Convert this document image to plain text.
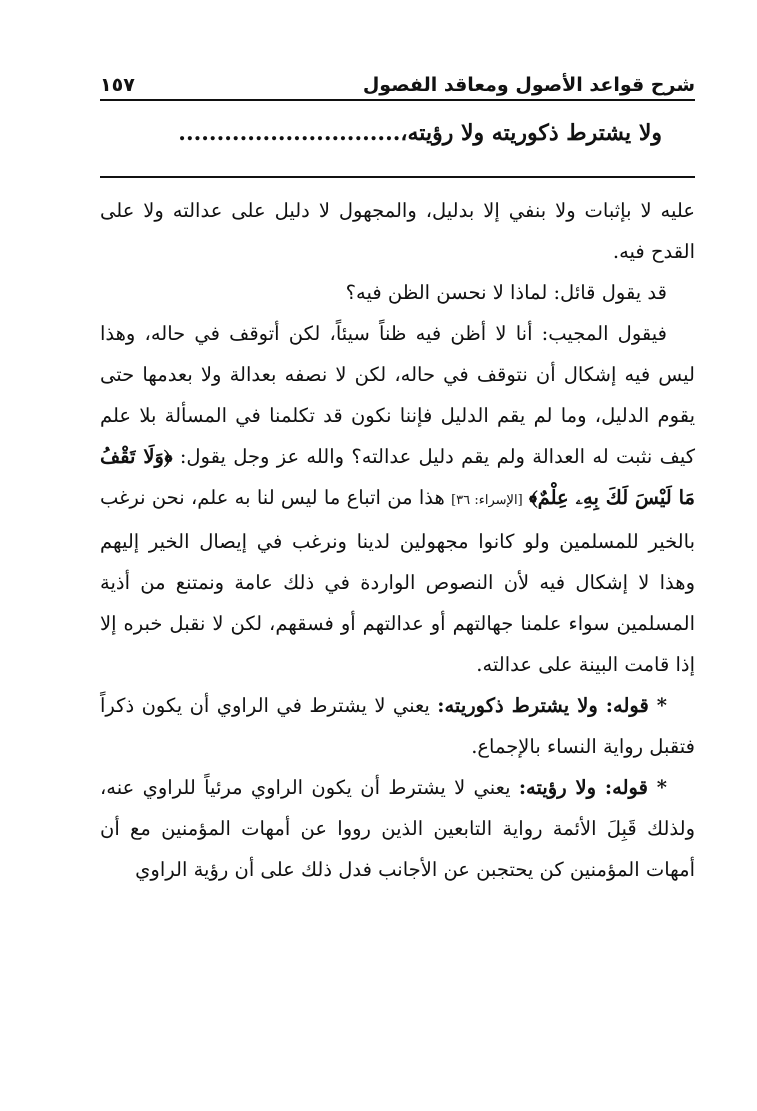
شرح قواعد الأصول ومعاقد الفصول
١٥٧
ولا يشترط ذكوريته ولا رؤيته،.............................

عليه لا بإثبات ولا بنفي إلا بدليل، والمجهول لا دليل على عدالته ولا على القدح فيه.

قد يقول قائل: لماذا لا نحسن الظن فيه؟

فيقول المجيب: أنا لا أظن فيه ظناً سيئاً، لكن أتوقف في حاله، وهذا ليس فيه إشكال أن نتوقف في حاله، لكن لا نصفه بعدالة ولا بعدمها حتى يقوم الدليل، وما لم يقم الدليل فإننا نكون قد تكلمنا في المسألة بلا علم كيف نثبت له العدالة ولم يقم دليل عدالته؟ والله عز وجل يقول: ﴿وَلَا تَقْفُ مَا لَيْسَ لَكَ بِهِۦ عِلْمٌ﴾ [الإسراء: ٣٦] هذا من اتباع ما ليس لنا به علم، نحن نرغب بالخير للمسلمين ولو كانوا مجهولين لدينا ونرغب في إيصال الخير إليهم وهذا لا إشكال فيه لأن النصوص الواردة في ذلك عامة ونمتنع من أذية المسلمين سواء علمنا جهالتهم أو عدالتهم أو فسقهم، لكن لا نقبل خبره إلا إذا قامت البينة على عدالته.

* قوله: ولا يشترط ذكوريته: يعني لا يشترط في الراوي أن يكون ذكراً فتقبل رواية النساء بالإجماع.

* قوله: ولا رؤيته: يعني لا يشترط أن يكون الراوي مرئياً للراوي عنه، ولذلك قَبِلَ الأئمة رواية التابعين الذين رووا عن أمهات المؤمنين مع أن أمهات المؤمنين كن يحتجبن عن الأجانب فدل ذلك على أن رؤية الراوي
